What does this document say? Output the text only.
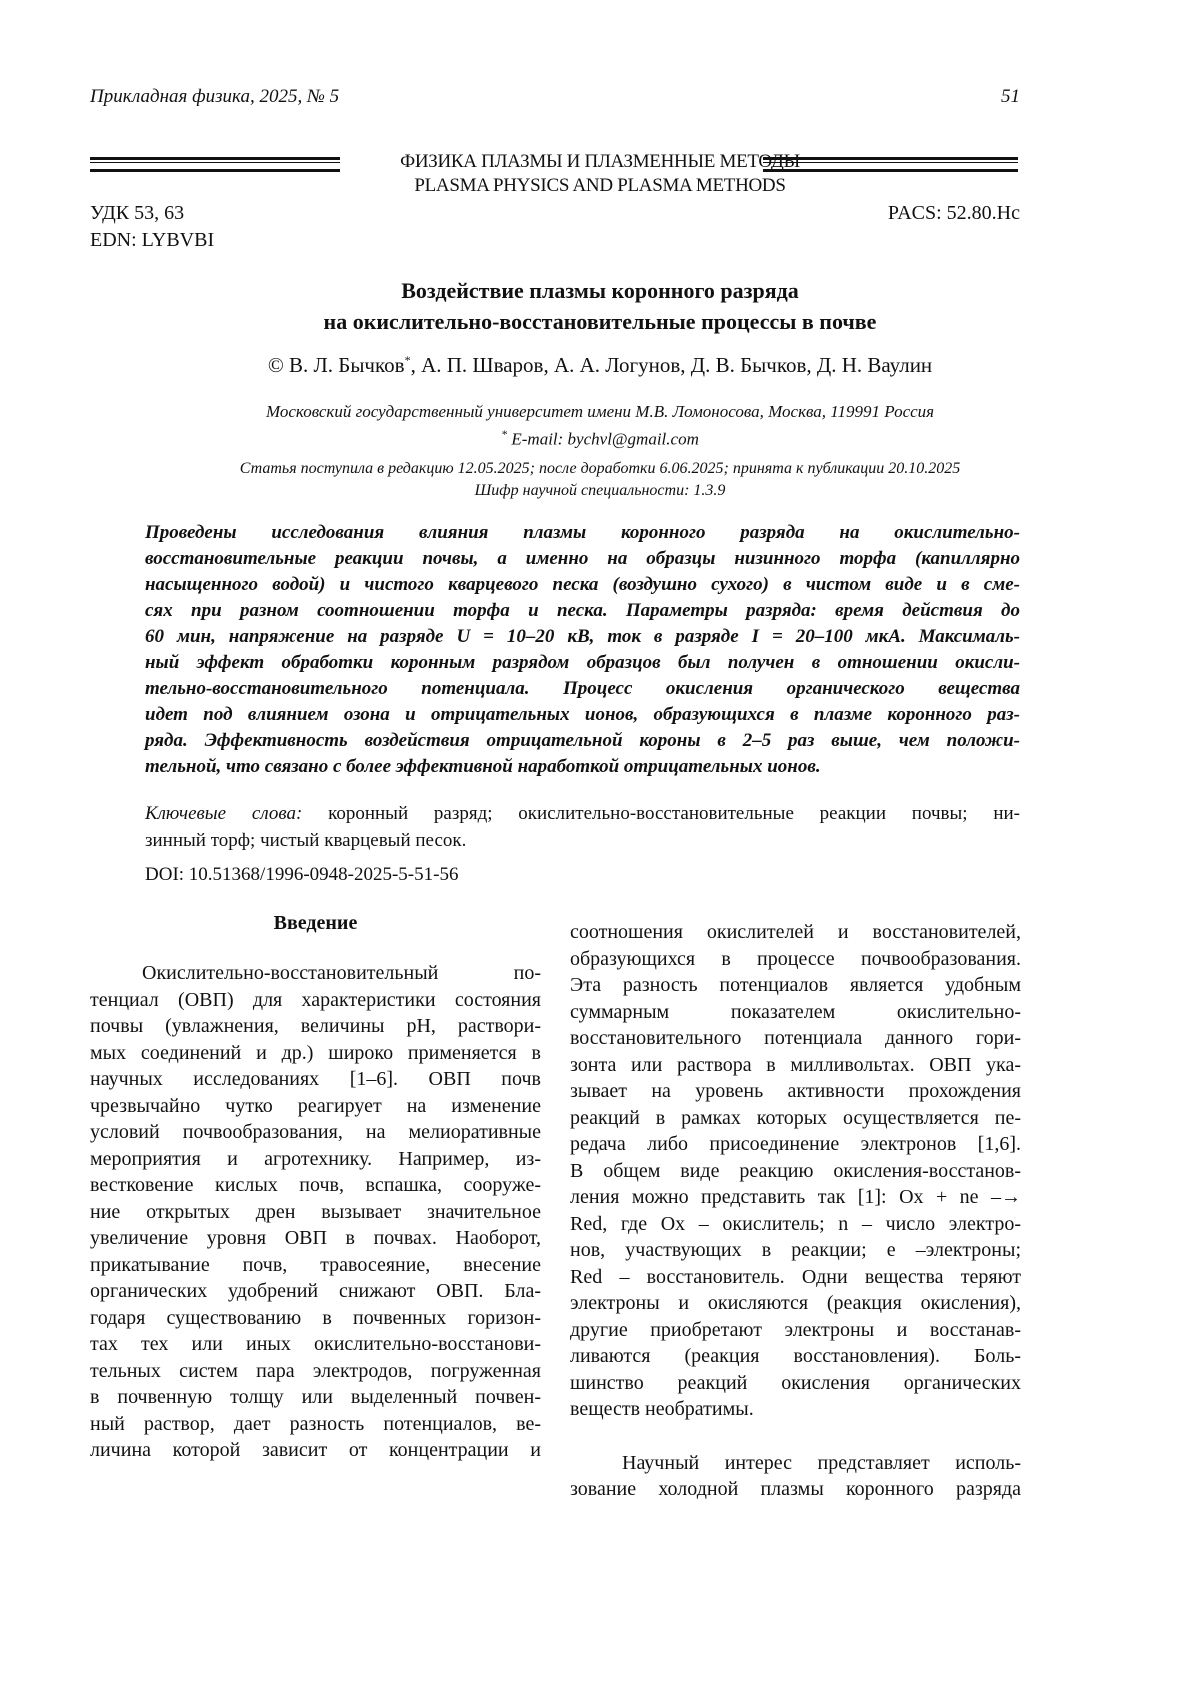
Прикладная физика, 2025, № 5	51
ФИЗИКА ПЛАЗМЫ И ПЛАЗМЕННЫЕ МЕТОДЫ
PLASMA PHYSICS AND PLASMA METHODS
УДК 53, 63
EDN: LYBVBI
PACS: 52.80.Hc
Воздействие плазмы коронного разряда
на окислительно-восстановительные процессы в почве
© В. Л. Бычков*, А. П. Шваров, А. А. Логунов, Д. В. Бычков, Д. Н. Ваулин
Московский государственный университет имени М.В. Ломоносова, Москва, 119991 Россия
* E-mail: bychvl@gmail.com
Статья поступила в редакцию 12.05.2025; после доработки 6.06.2025; принята к публикации 20.10.2025
Шифр научной специальности: 1.3.9
Проведены исследования влияния плазмы коронного разряда на окислительно-
восстановительные реакции почвы, а именно на образцы низинного торфа (капиллярно
насыщенного водой) и чистого кварцевого песка (воздушно сухого) в чистом виде и в сме-
сях при разном соотношении торфа и песка. Параметры разряда: время действия до
60 мин, напряжение на разряде U = 10–20 кВ, ток в разряде I = 20–100 мкА. Максималь-
ный эффект обработки коронным разрядом образцов был получен в отношении окисли-
тельно-восстановительного потенциала. Процесс окисления органического вещества
идет под влиянием озона и отрицательных ионов, образующихся в плазме коронного раз-
ряда. Эффективность воздействия отрицательной короны в 2–5 раз выше, чем положи-
тельной, что связано с более эффективной наработкой отрицательных ионов.
Ключевые слова: коронный разряд; окислительно-восстановительные реакции почвы; ни-
зинный торф; чистый кварцевый песок.
DOI: 10.51368/1996-0948-2025-5-51-56
Введение
Окислительно-восстановительный по-
тенциал (ОВП) для характеристики состояния
почвы (увлажнения, величины pH, раствори-
мых соединений и др.) широко применяется в
научных исследованиях [1–6]. ОВП почв
чрезвычайно чутко реагирует на изменение
условий почвообразования, на мелиоративные
мероприятия и агротехнику. Например, из-
вестковение кислых почв, вспашка, сооруже-
ние открытых дрен вызывает значительное
увеличение уровня ОВП в почвах. Наоборот,
прикатывание почв, травосеяние, внесение
органических удобрений снижают ОВП. Бла-
годаря существованию в почвенных горизон-
тах тех или иных окислительно-восстанови-
тельных систем пара электродов, погруженная
в почвенную толщу или выделенный почвен-
ный раствор, дает разность потенциалов, ве-
личина которой зависит от концентрации и
соотношения окислителей и восстановителей,
образующихся в процессе почвообразования.
Эта разность потенциалов является удобным
суммарным показателем окислительно-
восстановительного потенциала данного гори-
зонта или раствора в милливольтах. ОВП ука-
зывает на уровень активности прохождения
реакций в рамках которых осуществляется пе-
редача либо присоединение электронов [1,6].
В общем виде реакцию окисления-восстанов-
ления можно представить так [1]: Ox + ne –→
Red, где Ox – окислитель; n – число электро-
нов, участвующих в реакции; e –электроны;
Red – восстановитель. Одни вещества теряют
электроны и окисляются (реакция окисления),
другие приобретают электроны и восстанав-
ливаются (реакция восстановления). Боль-
шинство реакций окисления органических
веществ необратимы.
Научный интерес представляет исполь-
зование холодной плазмы коронного разряда
